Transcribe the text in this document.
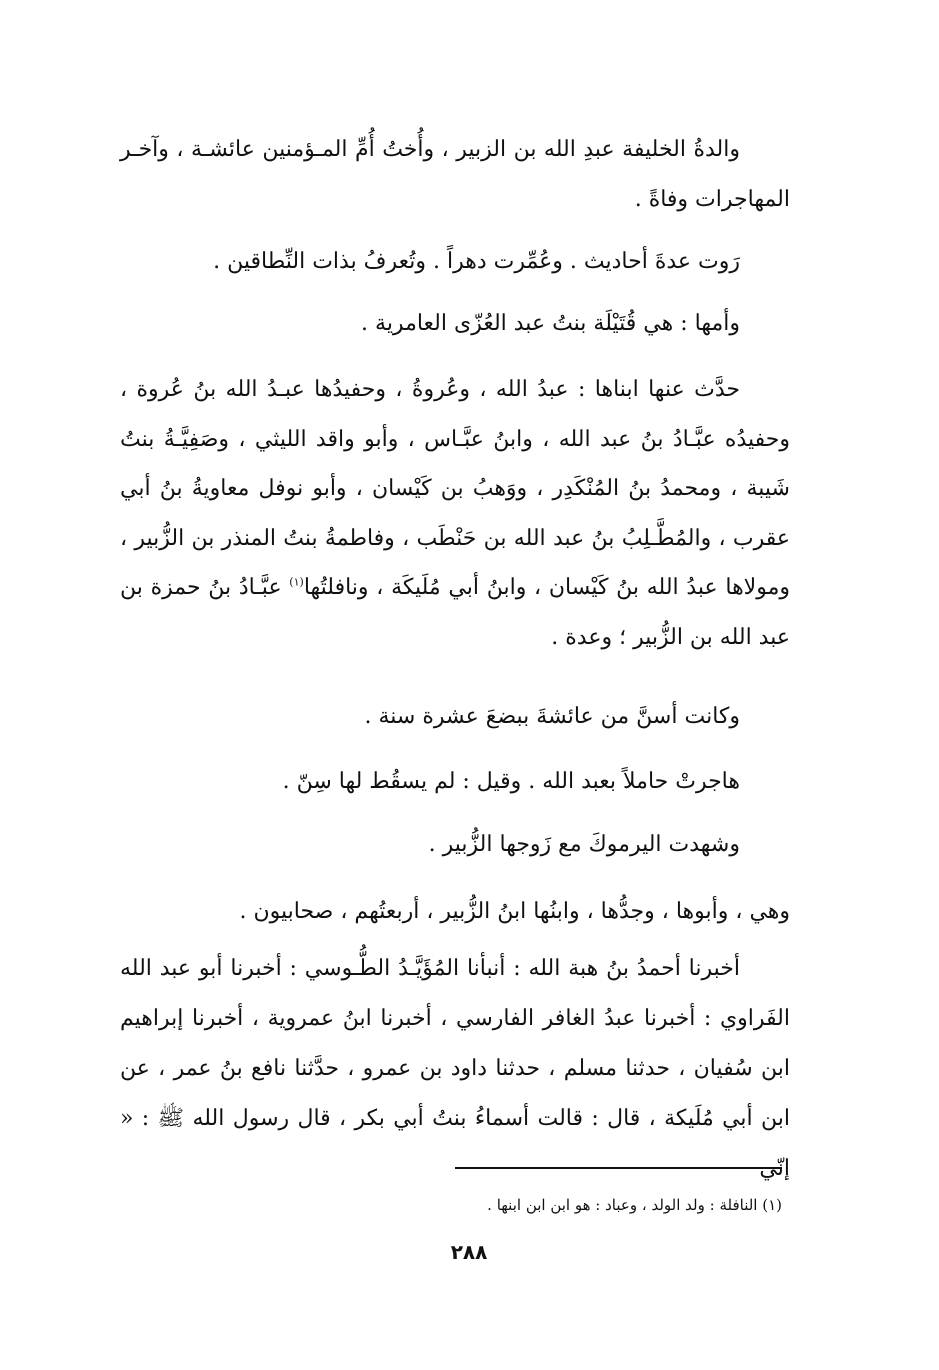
والدةُ الخليفة عبدِ الله بن الزبير ، وأُختُ أُمِّ المـؤمنين عائشـة ، وآخـر المهاجرات وفاةً .

رَوت عدةَ أحاديث . وعُمِّرت دهراً . وتُعرفُ بذات النِّطاقين .

وأمها : هي قُتَيْلَة بنتُ عبد العُزّى العامرية .

حدَّث عنها ابناها : عبدُ الله ، وعُروةُ ، وحفيدُها عبـدُ الله بنُ عُروة ، وحفيدُه عبَّـادُ بنُ عبد الله ، وابنُ عبَّـاس ، وأبو واقد الليثي ، وصَفِيَّـةُ بنتُ شَيبة ، ومحمدُ بنُ المُنْكَدِر ، ووَهبُ بن كَيْسان ، وأبو نوفل معاويةُ بنُ أبي عقرب ، والمُطَّـلِبُ بنُ عبد الله بن حَنْطَب ، وفاطمةُ بنتُ المنذر بن الزُّبير ، ومولاها عبدُ الله بنُ كَيْسان ، وابنُ أبي مُلَيكَة ، ونافلتُها$^{(١)}$ عبَّـادُ بنُ حمزة بن عبد الله بن الزُّبير ؛ وعدة .

وكانت أسنَّ من عائشةَ ببضعَ عشرة سنة .

هاجرتْ حاملاً بعبد الله . وقيل : لم يسقُط لها سِنّ .

وشهدت اليرموكَ مع زَوجها الزُّبير .

وهي ، وأبوها ، وجدُّها ، وابنُها ابنُ الزُّبير ، أربعتُهم ، صحابيون .

أخبرنا أحمدُ بنُ هبة الله : أنبأنا المُؤَيَّـدُ الطُّـوسي : أخبرنا أبو عبد الله الفَراوي : أخبرنا عبدُ الغافر الفارسي ، أخبرنا ابنُ عمروية ، أخبرنا إبراهيم ابن سُفيان ، حدثنا مسلم ، حدثنا داود بن عمرو ، حدَّثنا نافع بنُ عمر ، عن ابن أبي مُلَيكة ، قال : قالت أسماءُ بنتُ أبي بكر ، قال رسول الله ﷺ : « إنّي

(١) النافلة : ولد الولد ، وعباد : هو ابن ابن ابنها .
٢٨٨
